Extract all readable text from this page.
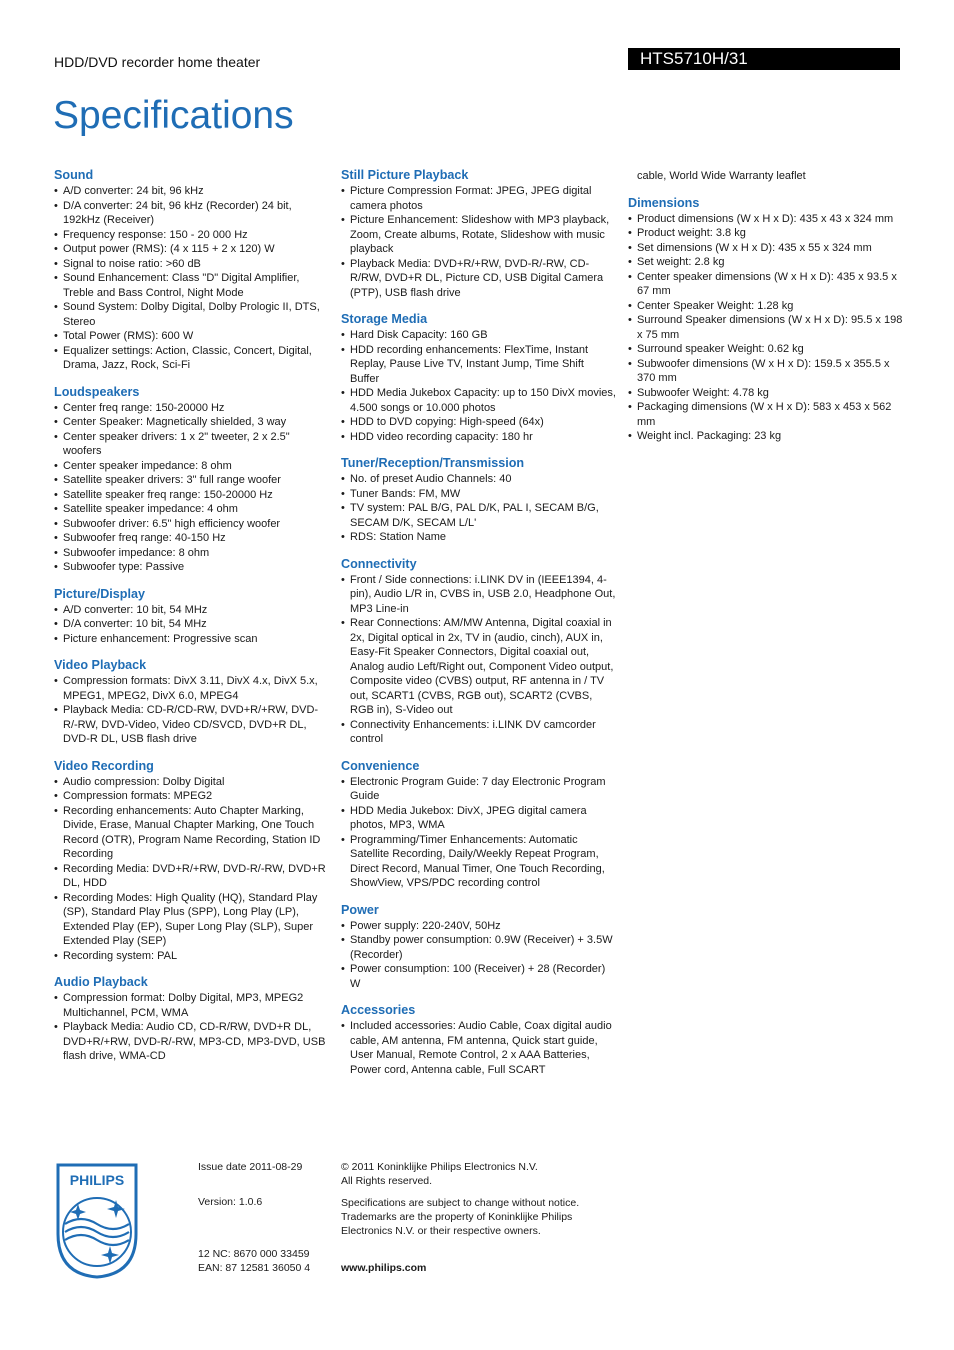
HDD/DVD recorder home theater	HTS5710H/31
Specifications
Sound
• A/D converter: 24 bit, 96 kHz
• D/A converter: 24 bit, 96 kHz (Recorder) 24 bit, 192kHz (Receiver)
• Frequency response: 150 - 20 000 Hz
• Output power (RMS): (4 x 115 + 2 x 120) W
• Signal to noise ratio: >60 dB
• Sound Enhancement: Class "D" Digital Amplifier, Treble and Bass Control, Night Mode
• Sound System: Dolby Digital, Dolby Prologic II, DTS, Stereo
• Total Power (RMS): 600 W
• Equalizer settings: Action, Classic, Concert, Digital, Drama, Jazz, Rock, Sci-Fi
Loudspeakers
• Center freq range: 150-20000 Hz
• Center Speaker: Magnetically shielded, 3 way
• Center speaker drivers: 1 x 2" tweeter, 2 x 2.5" woofers
• Center speaker impedance: 8 ohm
• Satellite speaker drivers: 3" full range woofer
• Satellite speaker freq range: 150-20000 Hz
• Satellite speaker impedance: 4 ohm
• Subwoofer driver: 6.5" high efficiency woofer
• Subwoofer freq range: 40-150 Hz
• Subwoofer impedance: 8 ohm
• Subwoofer type: Passive
Picture/Display
• A/D converter: 10 bit, 54 MHz
• D/A converter: 10 bit, 54 MHz
• Picture enhancement: Progressive scan
Video Playback
• Compression formats: DivX 3.11, DivX 4.x, DivX 5.x, MPEG1, MPEG2, DivX 6.0, MPEG4
• Playback Media: CD-R/CD-RW, DVD+R/+RW, DVD-R/-RW, DVD-Video, Video CD/SVCD, DVD+R DL, DVD-R DL, USB flash drive
Video Recording
• Audio compression: Dolby Digital
• Compression formats: MPEG2
• Recording enhancements: Auto Chapter Marking, Divide, Erase, Manual Chapter Marking, One Touch Record (OTR), Program Name Recording, Station ID Recording
• Recording Media: DVD+R/+RW, DVD-R/-RW, DVD+R DL, HDD
• Recording Modes: High Quality (HQ), Standard Play (SP), Standard Play Plus (SPP), Long Play (LP), Extended Play (EP), Super Long Play (SLP), Super Extended Play (SEP)
• Recording system: PAL
Audio Playback
• Compression format: Dolby Digital, MP3, MPEG2 Multichannel, PCM, WMA
• Playback Media: Audio CD, CD-R/RW, DVD+R DL, DVD+R/+RW, DVD-R/-RW, MP3-CD, MP3-DVD, USB flash drive, WMA-CD
Still Picture Playback
• Picture Compression Format: JPEG, JPEG digital camera photos
• Picture Enhancement: Slideshow with MP3 playback, Zoom, Create albums, Rotate, Slideshow with music playback
• Playback Media: DVD+R/+RW, DVD-R/-RW, CD-R/RW, DVD+R DL, Picture CD, USB Digital Camera (PTP), USB flash drive
Storage Media
• Hard Disk Capacity: 160 GB
• HDD recording enhancements: FlexTime, Instant Replay, Pause Live TV, Instant Jump, Time Shift Buffer
• HDD Media Jukebox Capacity: up to 150 DivX movies, 4.500 songs or 10.000 photos
• HDD to DVD copying: High-speed (64x)
• HDD video recording capacity: 180 hr
Tuner/Reception/Transmission
• No. of preset Audio Channels: 40
• Tuner Bands: FM, MW
• TV system: PAL B/G, PAL D/K, PAL I, SECAM B/G, SECAM D/K, SECAM L/L'
• RDS: Station Name
Connectivity
• Front / Side connections: i.LINK DV in (IEEE1394, 4-pin), Audio L/R in, CVBS in, USB 2.0, Headphone Out, MP3 Line-in
• Rear Connections: AM/MW Antenna, Digital coaxial in 2x, Digital optical in 2x, TV in (audio, cinch), AUX in, Easy-Fit Speaker Connectors, Digital coaxial out, Analog audio Left/Right out, Component Video output, Composite video (CVBS) output, RF antenna in / TV out, SCART1 (CVBS, RGB out), SCART2 (CVBS, RGB in), S-Video out
• Connectivity Enhancements: i.LINK DV camcorder control
Convenience
• Electronic Program Guide: 7 day Electronic Program Guide
• HDD Media Jukebox: DivX, JPEG digital camera photos, MP3, WMA
• Programming/Timer Enhancements: Automatic Satellite Recording, Daily/Weekly Repeat Program, Direct Record, Manual Timer, One Touch Recording, ShowView, VPS/PDC recording control
Power
• Power supply: 220-240V, 50Hz
• Standby power consumption: 0.9W (Receiver) + 3.5W (Recorder)
• Power consumption: 100 (Receiver) + 28 (Recorder) W
Accessories
• Included accessories: Audio Cable, Coax digital audio cable, AM antenna, FM antenna, Quick start guide, User Manual, Remote Control, 2 x AAA Batteries, Power cord, Antenna cable, Full SCART
cable, World Wide Warranty leaflet
Dimensions
• Product dimensions (W x H x D): 435 x 43 x 324 mm
• Product weight: 3.8 kg
• Set dimensions (W x H x D): 435 x 55 x 324 mm
• Set weight: 2.8 kg
• Center speaker dimensions (W x H x D): 435 x 93.5 x 67 mm
• Center Speaker Weight: 1.28 kg
• Surround Speaker dimensions (W x H x D): 95.5 x 198 x 75 mm
• Surround speaker Weight: 0.62 kg
• Subwoofer dimensions (W x H x D): 159.5 x 355.5 x 370 mm
• Subwoofer Weight: 4.78 kg
• Packaging dimensions (W x H x D): 583 x 453 x 562 mm
• Weight incl. Packaging: 23 kg
PHILIPS
Issue date 2011-08-29
Version: 1.0.6
12 NC: 8670 000 33459
EAN: 87 12581 36050 4
© 2011 Koninklijke Philips Electronics N.V.
All Rights reserved.
Specifications are subject to change without notice.
Trademarks are the property of Koninklijke Philips
Electronics N.V. or their respective owners.
www.philips.com
